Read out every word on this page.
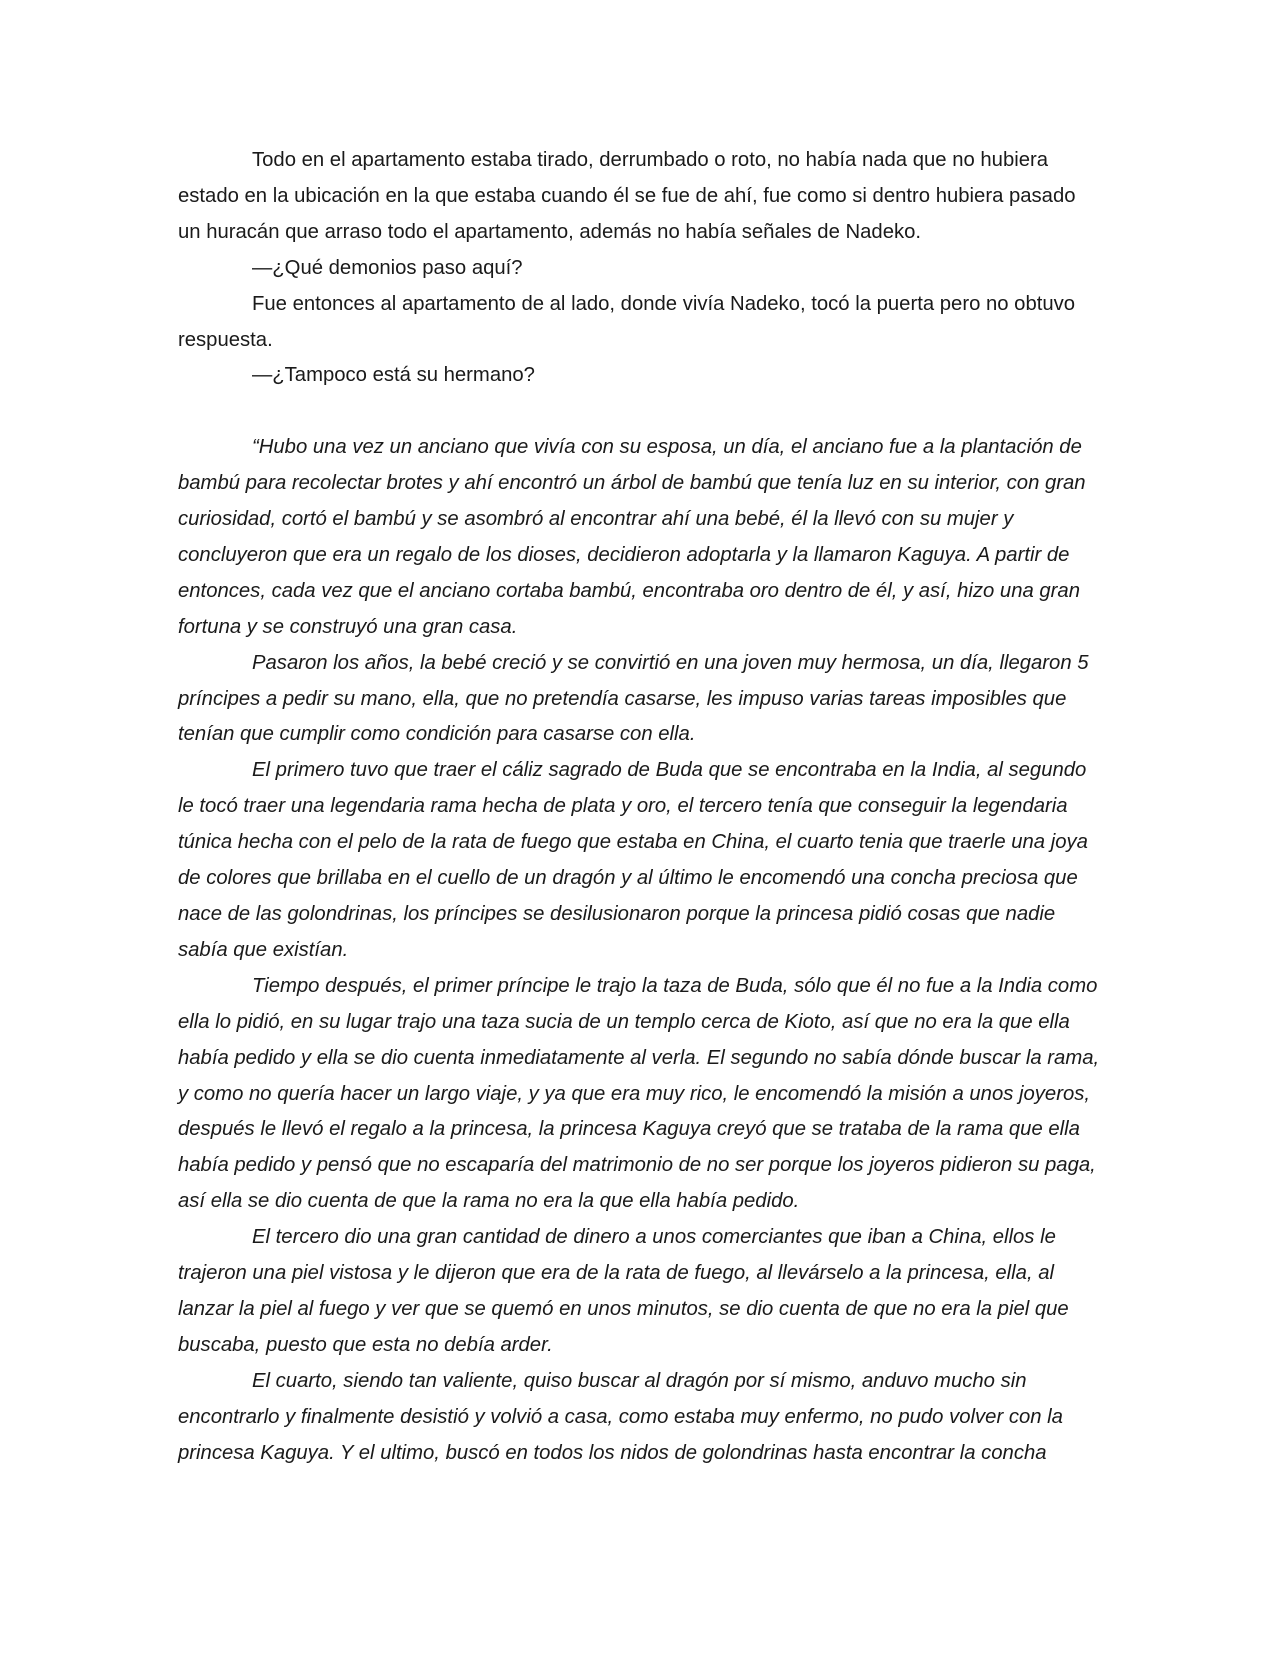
Todo en el apartamento estaba tirado, derrumbado o roto, no había nada que no hubiera estado en la ubicación en la que estaba cuando él se fue de ahí, fue como si dentro hubiera pasado un huracán que arraso todo el apartamento, además no había señales de Nadeko.

—¿Qué demonios paso aquí?

Fue entonces al apartamento de al lado, donde vivía Nadeko, tocó la puerta pero no obtuvo respuesta.

—¿Tampoco está su hermano?

“Hubo una vez un anciano que vivía con su esposa, un día, el anciano fue a la plantación de bambú para recolectar brotes y ahí encontró un árbol de bambú que tenía luz en su interior, con gran curiosidad, cortó el bambú y se asombró al encontrar ahí una bebé, él la llevó con su mujer y concluyeron que era un regalo de los dioses, decidieron adoptarla y la llamaron Kaguya. A partir de entonces, cada vez que el anciano cortaba bambú, encontraba oro dentro de él, y así, hizo una gran fortuna y se construyó una gran casa.

Pasaron los años, la bebé creció y se convirtió en una joven muy hermosa, un día, llegaron 5 príncipes a pedir su mano, ella, que no pretendía casarse, les impuso varias tareas imposibles que tenían que cumplir como condición para casarse con ella.

El primero tuvo que traer el cáliz sagrado de Buda que se encontraba en la India, al segundo le tocó traer una legendaria rama hecha de plata y oro, el tercero tenía que conseguir la legendaria túnica hecha con el pelo de la rata de fuego que estaba en China, el cuarto tenia que traerle una joya de colores que brillaba en el cuello de un dragón y al último le encomendó una concha preciosa que nace de las golondrinas, los príncipes se desilusionaron porque la princesa pidió cosas que nadie sabía que existían.

Tiempo después, el primer príncipe le trajo la taza de Buda, sólo que él no fue a la India como ella lo pidió, en su lugar trajo una taza sucia de un templo cerca de Kioto, así que no era la que ella había pedido y ella se dio cuenta inmediatamente al verla. El segundo no sabía dónde buscar la rama, y como no quería hacer un largo viaje, y ya que era muy rico, le encomendó la misión a unos joyeros, después le llevó el regalo a la princesa, la princesa Kaguya creyó que se trataba de la rama que ella había pedido y pensó que no escaparía del matrimonio de no ser porque los joyeros pidieron su paga, así ella se dio cuenta de que la rama no era la que ella había pedido.

El tercero dio una gran cantidad de dinero a unos comerciantes que iban a China, ellos le trajeron una piel vistosa y le dijeron que era de la rata de fuego, al llevárselo a la princesa, ella, al lanzar la piel al fuego y ver que se quemó en unos minutos, se dio cuenta de que no era la piel que buscaba, puesto que esta no debía arder.

El cuarto, siendo tan valiente, quiso buscar al dragón por sí mismo, anduvo mucho sin encontrarlo y finalmente desistió y volvió a casa, como estaba muy enfermo, no pudo volver con la princesa Kaguya. Y el ultimo, buscó en todos los nidos de golondrinas hasta encontrar la concha
